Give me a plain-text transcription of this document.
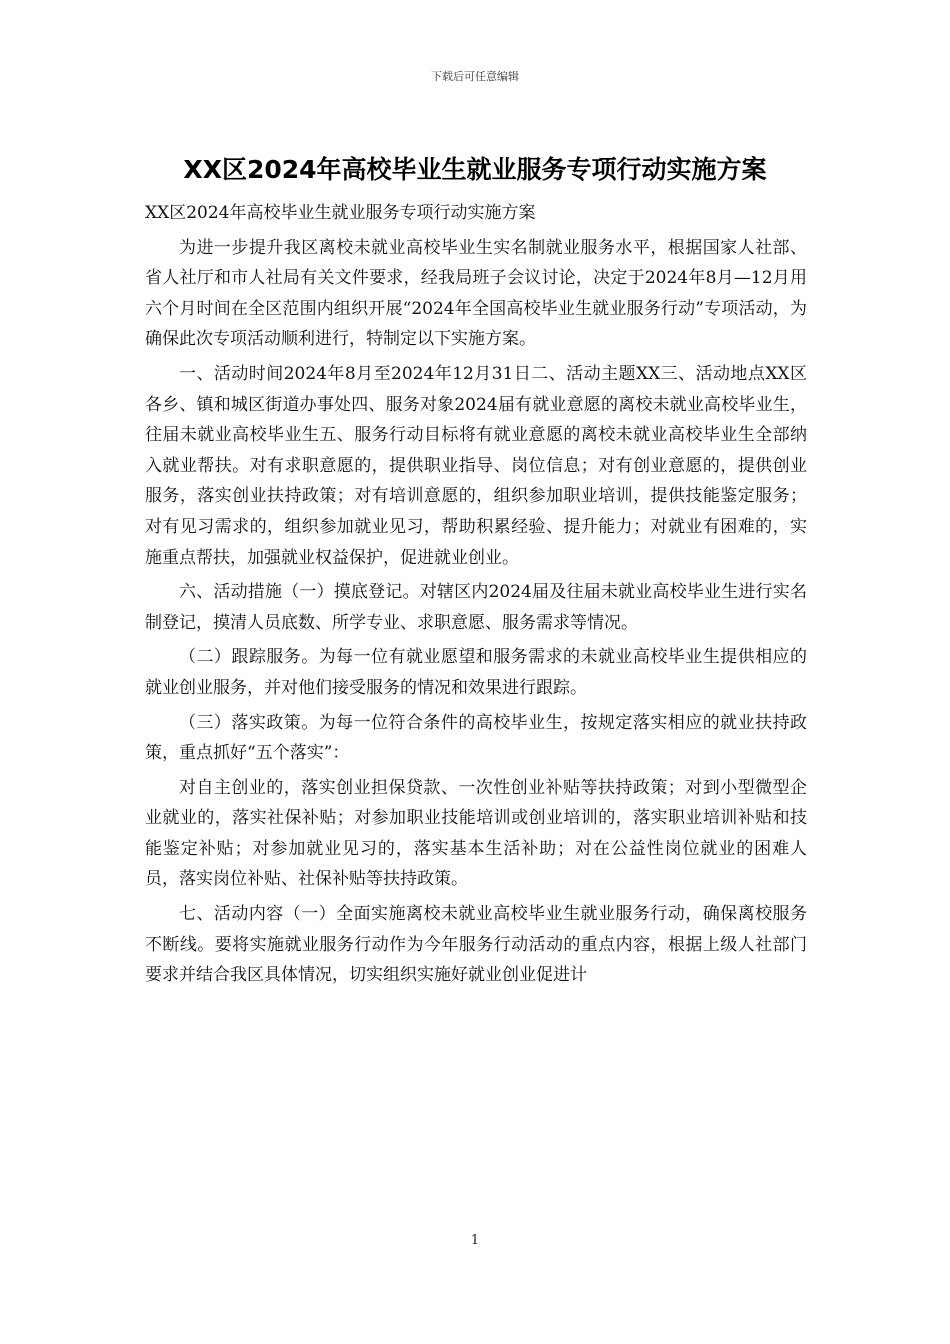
下载后可任意编辑
XX区2024年高校毕业生就业服务专项行动实施方案

XX区2024年高校毕业生就业服务专项行动实施方案

为进一步提升我区离校未就业高校毕业生实名制就业服务水平，根据国家人社部、省人社厅和市人社局有关文件要求，经我局班子会议讨论，决定于2024年8月—12月用六个月时间在全区范围内组织开展“2024年全国高校毕业生就业服务行动”专项活动，为确保此次专项活动顺利进行，特制定以下实施方案。

一、活动时间2024年8月至2024年12月31日二、活动主题XX三、活动地点XX区各乡、镇和城区街道办事处四、服务对象2024届有就业意愿的离校未就业高校毕业生，往届未就业高校毕业生五、服务行动目标将有就业意愿的离校未就业高校毕业生全部纳入就业帮扶。对有求职意愿的，提供职业指导、岗位信息；对有创业意愿的，提供创业服务，落实创业扶持政策；对有培训意愿的，组织参加职业培训，提供技能鉴定服务；对有见习需求的，组织参加就业见习，帮助积累经验、提升能力；对就业有困难的，实施重点帮扶，加强就业权益保护，促进就业创业。

六、活动措施（一）摸底登记。对辖区内2024届及往届未就业高校毕业生进行实名制登记，摸清人员底数、所学专业、求职意愿、服务需求等情况。

（二）跟踪服务。为每一位有就业愿望和服务需求的未就业高校毕业生提供相应的就业创业服务，并对他们接受服务的情况和效果进行跟踪。

（三）落实政策。为每一位符合条件的高校毕业生，按规定落实相应的就业扶持政策，重点抓好“五个落实”：

对自主创业的，落实创业担保贷款、一次性创业补贴等扶持政策；对到小型微型企业就业的，落实社保补贴；对参加职业技能培训或创业培训的，落实职业培训补贴和技能鉴定补贴；对参加就业见习的，落实基本生活补助；对在公益性岗位就业的困难人员，落实岗位补贴、社保补贴等扶持政策。

七、活动内容（一）全面实施离校未就业高校毕业生就业服务行动，确保离校服务不断线。要将实施就业服务行动作为今年服务行动活动的重点内容，根据上级人社部门要求并结合我区具体情况，切实组织实施好就业创业促进计

1
